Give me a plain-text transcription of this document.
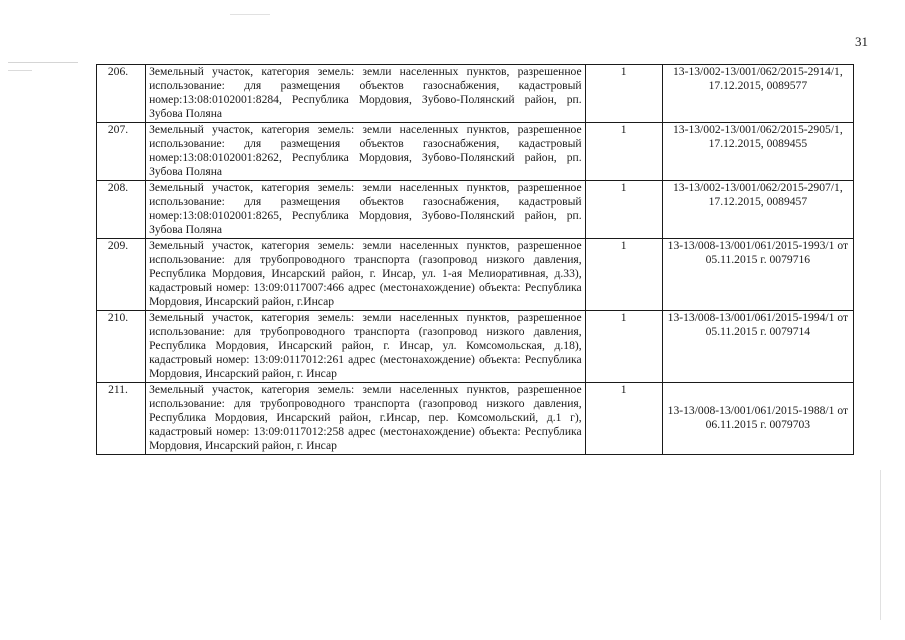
31
206.	Земельный участок, категория земель: земли населенных пунктов, разрешенное использование: для размещения объектов газоснабжения, кадастровый номер:13:08:0102001:8284, Республика Мордовия, Зубово-Полянский район, рп. Зубова Поляна	1	13-13/002-13/001/062/2015-2914/1, 17.12.2015, 0089577
207.	Земельный участок, категория земель: земли населенных пунктов, разрешенное использование: для размещения объектов газоснабжения, кадастровый номер:13:08:0102001:8262, Республика Мордовия, Зубово-Полянский район, рп. Зубова Поляна	1	13-13/002-13/001/062/2015-2905/1, 17.12.2015, 0089455
208.	Земельный участок, категория земель: земли населенных пунктов, разрешенное использование: для размещения объектов газоснабжения, кадастровый номер:13:08:0102001:8265, Республика Мордовия, Зубово-Полянский район, рп. Зубова Поляна	1	13-13/002-13/001/062/2015-2907/1, 17.12.2015, 0089457
209.	Земельный участок, категория земель: земли населенных пунктов, разрешенное использование: для трубопроводного транспорта (газопровод низкого давления, Республика Мордовия, Инсарский район, г. Инсар, ул. 1-ая Мелиоративная, д.33), кадастровый номер: 13:09:0117007:466 адрес (местонахождение) объекта: Республика Мордовия, Инсарский район, г.Инсар	1	13-13/008-13/001/061/2015-1993/1 от 05.11.2015 г. 0079716
210.	Земельный участок, категория земель: земли населенных пунктов, разрешенное использование: для трубопроводного транспорта (газопровод низкого давления, Республика Мордовия, Инсарский район, г. Инсар, ул. Комсомольская, д.18), кадастровый номер: 13:09:0117012:261 адрес (местонахождение) объекта: Республика Мордовия, Инсарский район, г. Инсар	1	13-13/008-13/001/061/2015-1994/1 от 05.11.2015 г. 0079714
211.	Земельный участок, категория земель: земли населенных пунктов, разрешенное использование: для трубопроводного транспорта (газопровод низкого давления, Республика Мордовия, Инсарский район, г.Инсар, пер. Комсомольский, д.1 г), кадастровый номер: 13:09:0117012:258 адрес (местонахождение) объекта: Республика Мордовия, Инсарский район, г. Инсар	1	13-13/008-13/001/061/2015-1988/1 от 06.11.2015 г. 0079703
